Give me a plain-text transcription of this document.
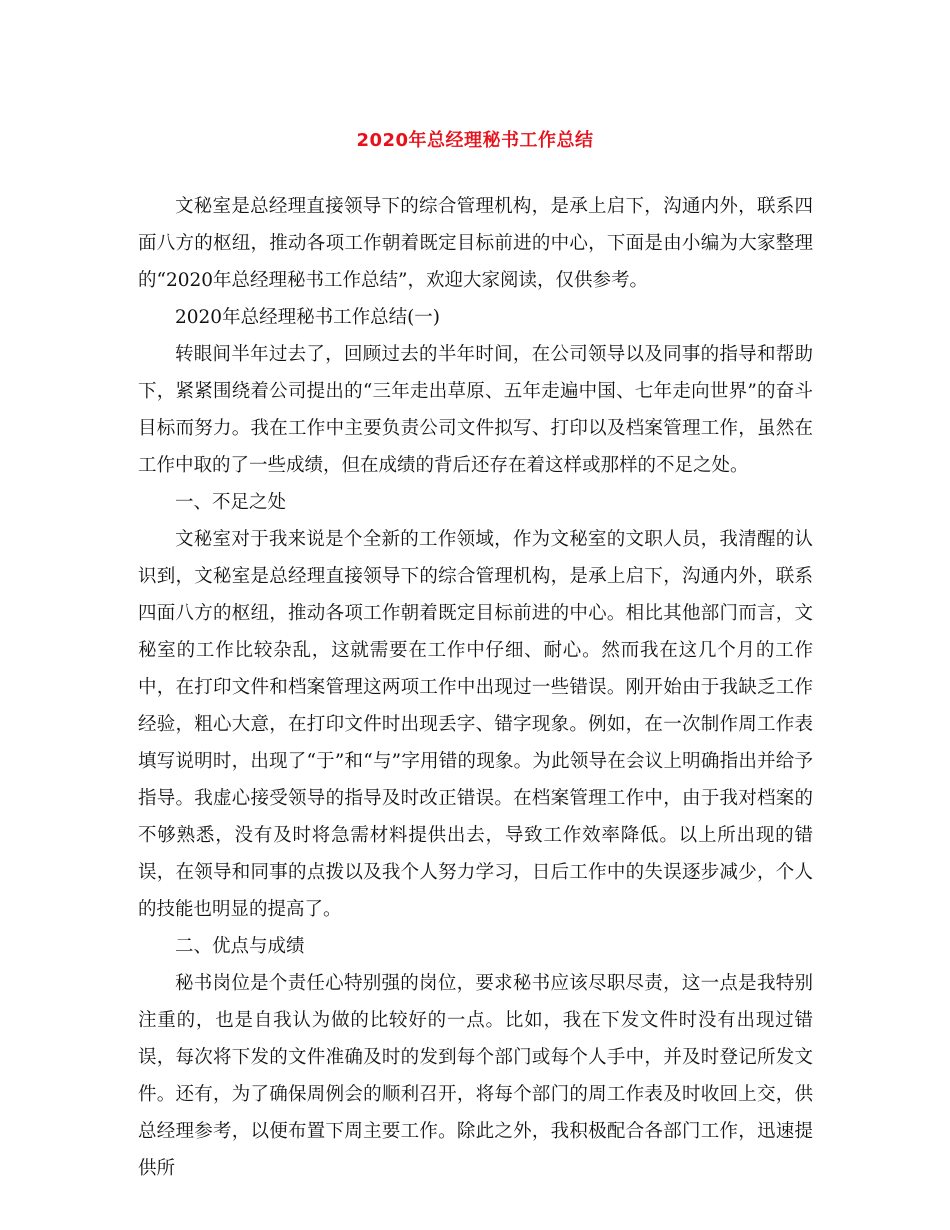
2020年总经理秘书工作总结

文秘室是总经理直接领导下的综合管理机构，是承上启下，沟通内外，联系四面八方的枢纽，推动各项工作朝着既定目标前进的中心，下面是由小编为大家整理的“2020年总经理秘书工作总结”，欢迎大家阅读，仅供参考。

2020年总经理秘书工作总结(一)

转眼间半年过去了，回顾过去的半年时间，在公司领导以及同事的指导和帮助下，紧紧围绕着公司提出的“三年走出草原、五年走遍中国、七年走向世界”的奋斗目标而努力。我在工作中主要负责公司文件拟写、打印以及档案管理工作，虽然在工作中取的了一些成绩，但在成绩的背后还存在着这样或那样的不足之处。

一、不足之处

文秘室对于我来说是个全新的工作领域，作为文秘室的文职人员，我清醒的认识到，文秘室是总经理直接领导下的综合管理机构，是承上启下，沟通内外，联系四面八方的枢纽，推动各项工作朝着既定目标前进的中心。相比其他部门而言，文秘室的工作比较杂乱，这就需要在工作中仔细、耐心。然而我在这几个月的工作中，在打印文件和档案管理这两项工作中出现过一些错误。刚开始由于我缺乏工作经验，粗心大意，在打印文件时出现丢字、错字现象。例如，在一次制作周工作表填写说明时，出现了“于”和“与”字用错的现象。为此领导在会议上明确指出并给予指导。我虚心接受领导的指导及时改正错误。在档案管理工作中，由于我对档案的不够熟悉，没有及时将急需材料提供出去，导致工作效率降低。以上所出现的错误，在领导和同事的点拨以及我个人努力学习，日后工作中的失误逐步减少，个人的技能也明显的提高了。

二、优点与成绩

秘书岗位是个责任心特别强的岗位，要求秘书应该尽职尽责，这一点是我特别注重的，也是自我认为做的比较好的一点。比如，我在下发文件时没有出现过错误，每次将下发的文件准确及时的发到每个部门或每个人手中，并及时登记所发文件。还有，为了确保周例会的顺利召开，将每个部门的周工作表及时收回上交，供总经理参考，以便布置下周主要工作。除此之外，我积极配合各部门工作，迅速提供所
